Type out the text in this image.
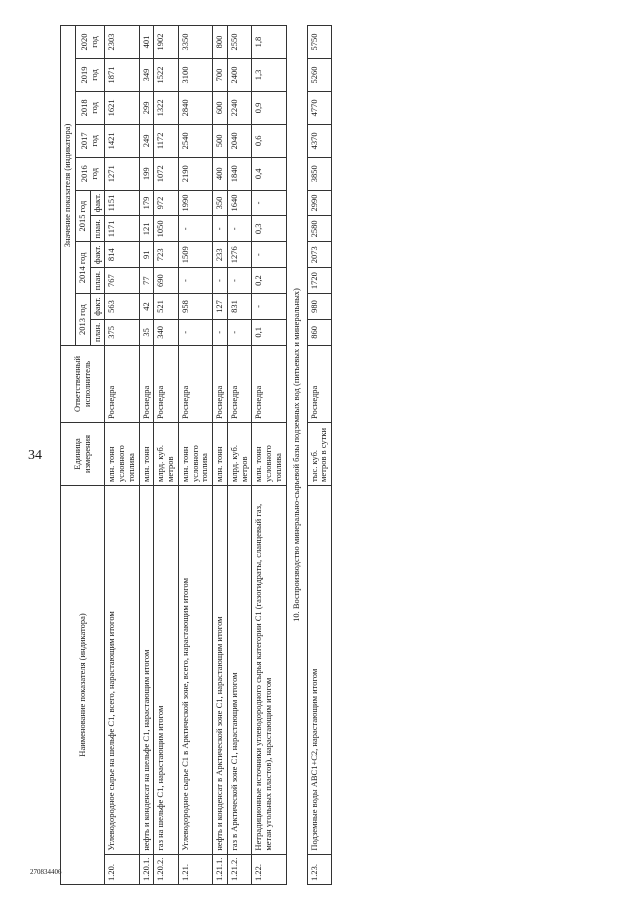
34
270834406
Наименование показателя (индикатора)		Единица измерения	Ответственный исполнитель	Значение показателя (индикатора)										
				2013 год		2014 год		2015 год		2016 год	2017 год	2018 год	2019 год	2020 год
				план.	факт.	план.	факт.	план.	факт.					
1.20.	Углеводородное сырье на шельфе С1, всего, нарастающим итогом	млн. тонн условного топлива	Роснедра	375	563	767	814	1171	1151	1271	1421	1621	1871	2303
1.20.1.	нефть и конденсат на шельфе С1, нарастающим итогом	млн. тонн	Роснедра	35	42	77	91	121	179	199	249	299	349	401
1.20.2.	газ на шельфе С1, нарастающим итогом	млрд. куб. метров	Роснедра	340	521	690	723	1050	972	1072	1172	1322	1522	1902
1.21.	Углеводородное сырье С1 в Арктической зоне, всего, нарастающим итогом	млн. тонн условного топлива	Роснедра	-	958	-	1509	-	1990	2190	2540	2840	3100	3350
1.21.1.	нефть и конденсат в Арктической зоне С1, нарастающим итогом	млн. тонн	Роснедра	-	127	-	233	-	350	400	500	600	700	800
1.21.2.	газ в Арктической зоне С1, нарастающим итогом	млрд. куб. метров	Роснедра	-	831	-	1276	-	1640	1840	2040	2240	2400	2550
1.22.	Нетрадиционные источники углеводородного сырья категории С1 (газогидраты, сланцевый газ, метан угольных пластов), нарастающим итогом	млн. тонн условного топлива	Роснедра	0,1	-	0,2	-	0,3	-	0,4	0,6	0,9	1,3	1,8
10. Воспроизводство минерально-сырьевой базы подземных вод (питьевых и минеральных)														
1.23.	Подземные воды АВС1+С2, нарастающим итогом	тыс. куб. метров в сутки	Роснедра	860	980	1720	2073	2580	2990	3850	4370	4770	5260	5750
